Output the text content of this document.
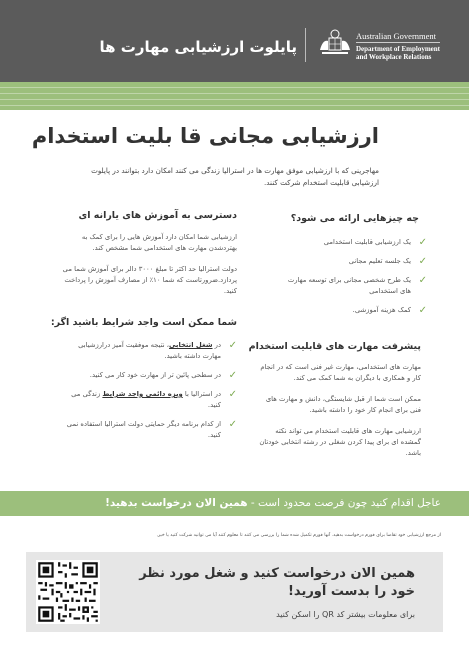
پایلوت ارزشیابی مهارت ها
Australian Government
Department of Employment
and Workplace Relations
ارزشیابی مجانی قا بلیت استخدام
مهاجرینی که با ارزشیابی موفق مهارت ها در استرالیا زندگی می کنند امکان دارد بتوانند در پایلوت ارزشیابی قابلیت استخدام شرکت کنند.
چه چیزهایی ارائه می شود؟
✓
یک ارزشیابی قابلیت استخدامی
✓
یک جلسه تعلیم مجانی
✓
یک طرح شخصی مجانی برای توسعه مهارت های استخدامی
✓
کمک هزینه آموزشی.
پیشرفت مهارت های قابلیت استخدام
مهارت های استخدامی، مهارت غیر فنی است که در انجام کار و همکاری با دیگران به شما کمک می کند.
ممکن است شما از قبل شایستگی، دانش و مهارت های فنی برای انجام کار خود را داشته باشید.
ارزشیابی مهارت های قابلیت استخدام می تواند نکته گمشده ای برای پیدا کردن شغلی در رشته انتخابی خودتان باشد.
دسترسی به آموزش های یارانه ای
ارزشیابی شما امکان دارد آموزش هایی را برای کمک به بهتردشدن مهارت های استخدامی شما مشخص کند.
دولت استرالیا حد اکثر تا مبلغ ۳۰۰۰ دالر برای آموزش شما می پردازد.ضرورتاست که شما ۱۰٪ از مصارف آموزش را پرداخت کنید.
شما ممکن است واجد شرایط باشید اگر:
✓
در شغل انتخابی، نتیجه موفقیت آمیز درارزشیابی مهارت داشته باشید.
✓
در سطحی پائین تر از مهارت خود کار می کنید.
✓
در استرالیا با ویزه دائمی واجد شرایط زندگی می کنید.
✓
از کدام برنامه دیگر حمایتی دولت استرالیا استفاده نمی کنید.
عاجل اقدام کنید چون فرصت محدود است - همین الان درخواست بدهید!
از مرجع ارزشیابی خود تقاضا برای فورم درخواست بدهید. آنها فورم تکمیل شده شما را بررسی می کنند تا معلوم کنند آیا می توانید شرکت کنید یا خیر.
همین الان درخواست کنید و شغل مورد نظر
خود را بدست آورید!
برای معلومات بیشتر کد QR را اسکن کنید
